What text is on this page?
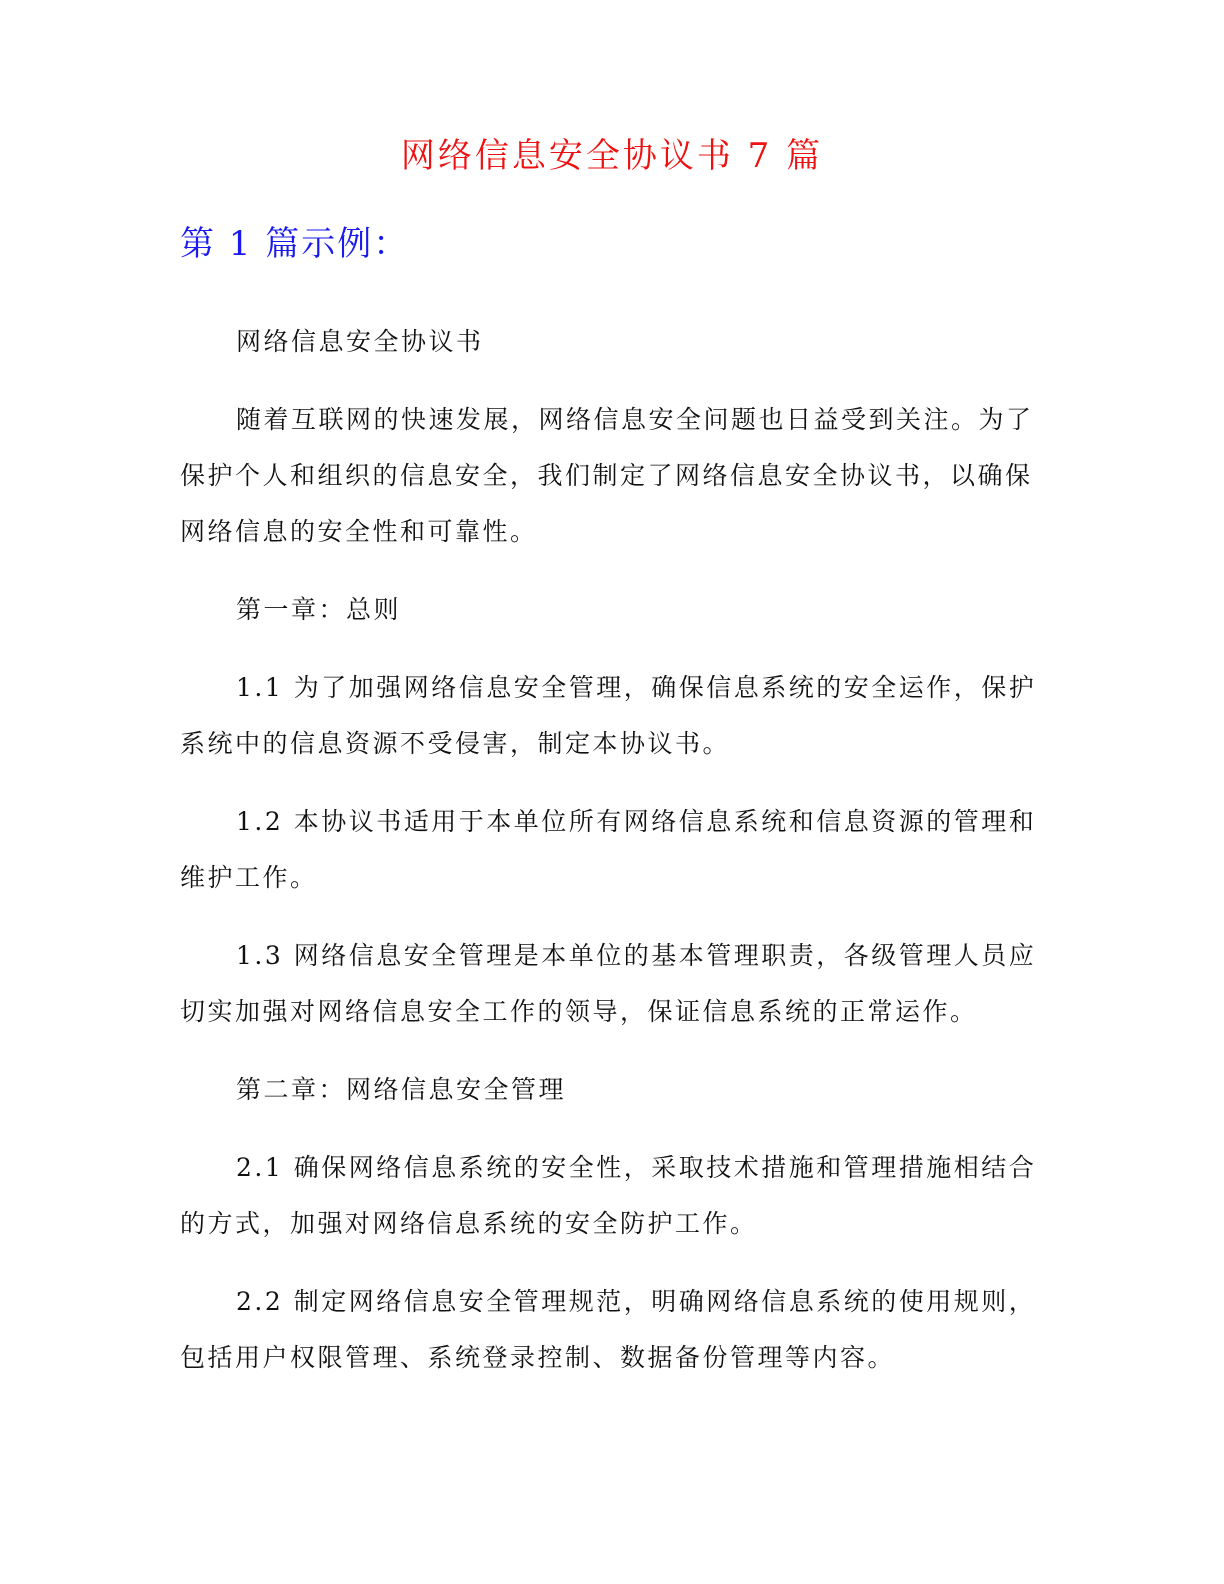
网络信息安全协议书 7 篇
第 1 篇示例：

网络信息安全协议书

随着互联网的快速发展，网络信息安全问题也日益受到关注。为了保护个人和组织的信息安全，我们制定了网络信息安全协议书，以确保网络信息的安全性和可靠性。

第一章：总则

1.1 为了加强网络信息安全管理，确保信息系统的安全运作，保护系统中的信息资源不受侵害，制定本协议书。

1.2 本协议书适用于本单位所有网络信息系统和信息资源的管理和维护工作。

1.3 网络信息安全管理是本单位的基本管理职责，各级管理人员应切实加强对网络信息安全工作的领导，保证信息系统的正常运作。

第二章：网络信息安全管理

2.1 确保网络信息系统的安全性，采取技术措施和管理措施相结合的方式，加强对网络信息系统的安全防护工作。

2.2 制定网络信息安全管理规范，明确网络信息系统的使用规则，包括用户权限管理、系统登录控制、数据备份管理等内容。
